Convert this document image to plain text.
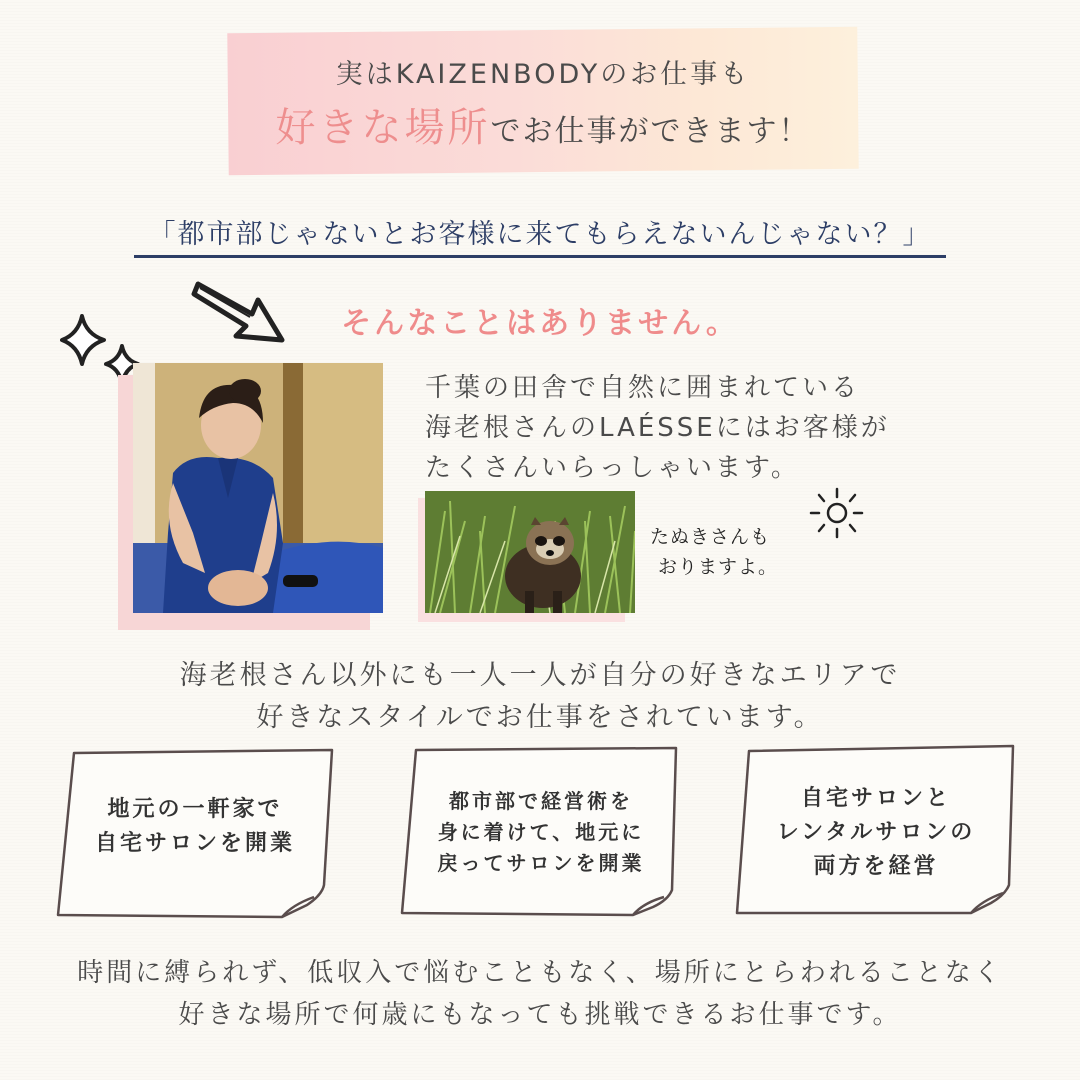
実はKAIZENBODYのお仕事も
好きな場所でお仕事ができます！
「都市部じゃないとお客様に来てもらえないんじゃない？」
そんなことはありません。
千葉の田舎で自然に囲まれている
海老根さんのLAÉSSEにはお客様が
たくさんいらっしゃいます。
たぬきさんも
おりますよ。
海老根さん以外にも一人一人が自分の好きなエリアで
好きなスタイルでお仕事をされています。
地元の一軒家で
自宅サロンを開業
都市部で経営術を
身に着けて、地元に
戻ってサロンを開業
自宅サロンと
レンタルサロンの
両方を経営
時間に縛られず、低収入で悩むこともなく、場所にとらわれることなく
好きな場所で何歳にもなっても挑戦できるお仕事です。
